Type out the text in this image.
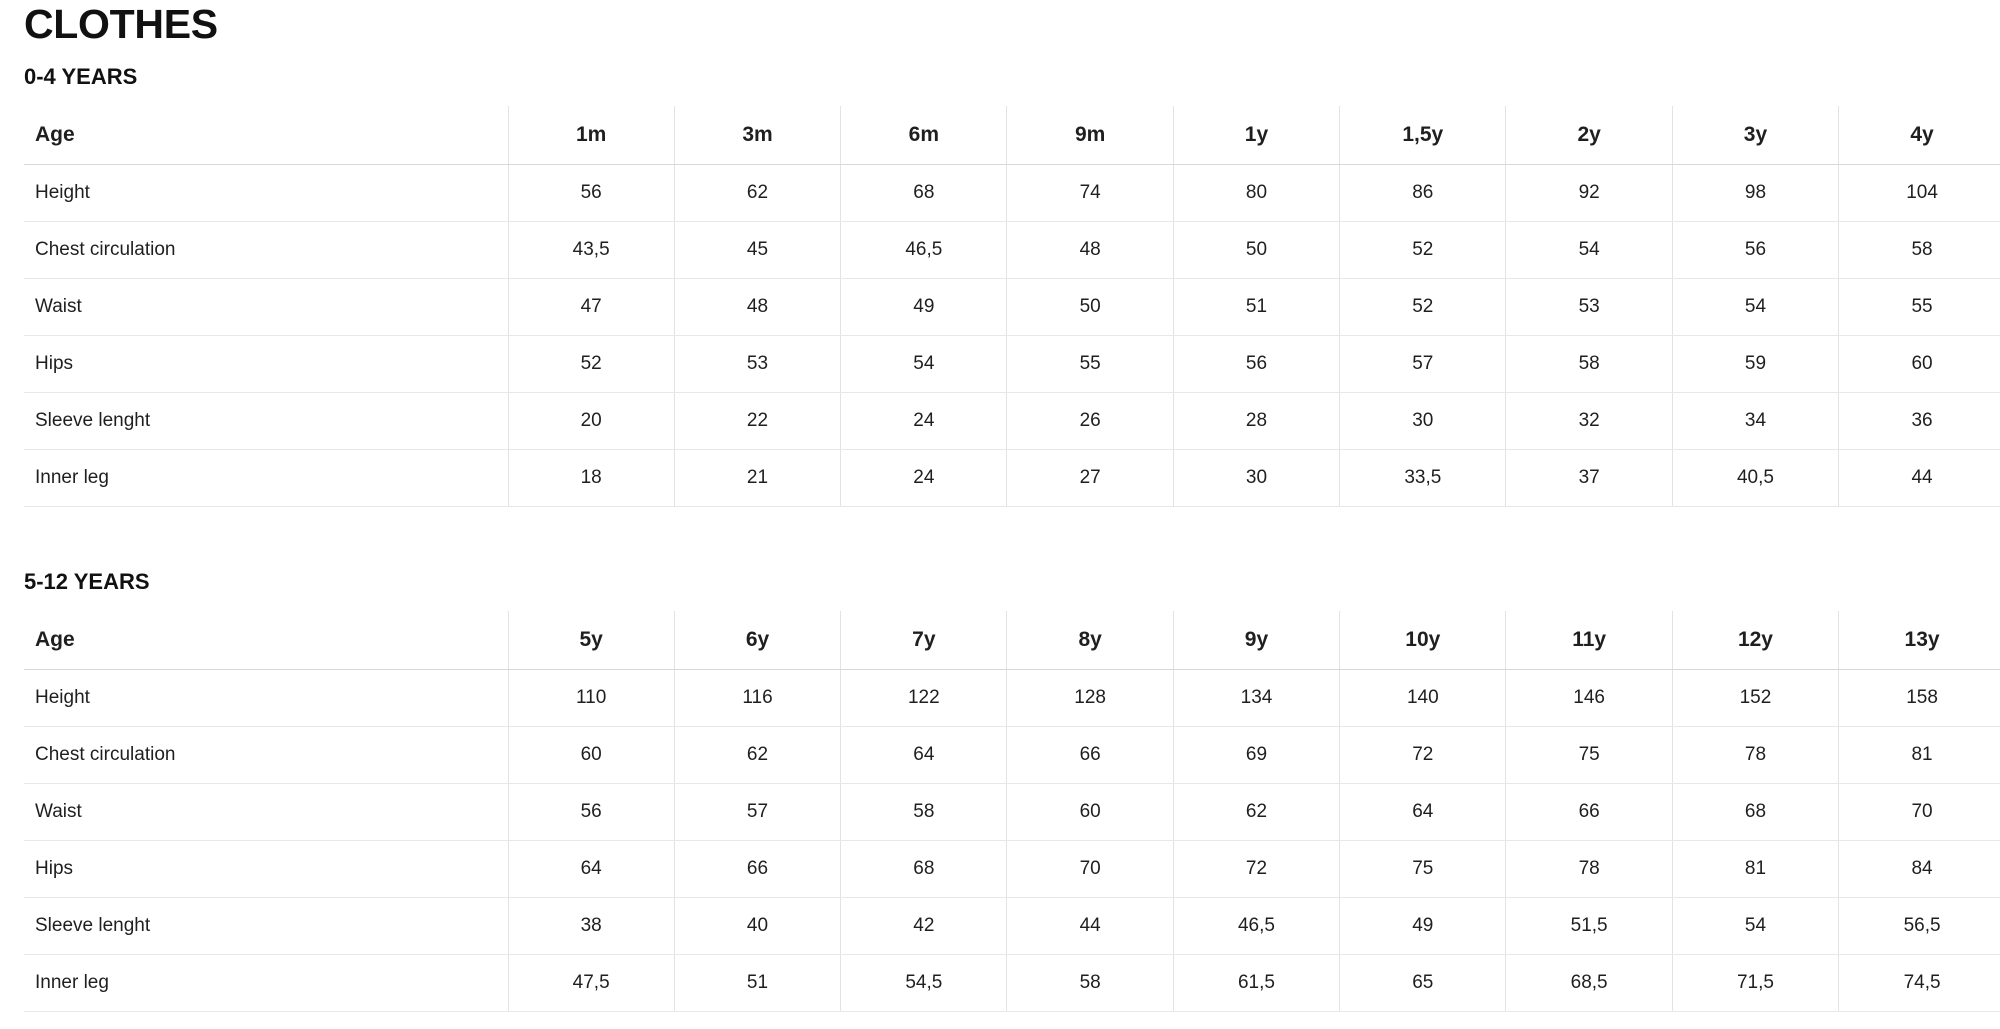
CLOTHES
0-4 YEARS
Age	1m	3m	6m	9m	1y	1,5y	2y	3y	4y
Height	56	62	68	74	80	86	92	98	104
Chest circulation	43,5	45	46,5	48	50	52	54	56	58
Waist	47	48	49	50	51	52	53	54	55
Hips	52	53	54	55	56	57	58	59	60
Sleeve lenght	20	22	24	26	28	30	32	34	36
Inner leg	18	21	24	27	30	33,5	37	40,5	44
5-12 YEARS
Age	5y	6y	7y	8y	9y	10y	11y	12y	13y
Height	110	116	122	128	134	140	146	152	158
Chest circulation	60	62	64	66	69	72	75	78	81
Waist	56	57	58	60	62	64	66	68	70
Hips	64	66	68	70	72	75	78	81	84
Sleeve lenght	38	40	42	44	46,5	49	51,5	54	56,5
Inner leg	47,5	51	54,5	58	61,5	65	68,5	71,5	74,5
